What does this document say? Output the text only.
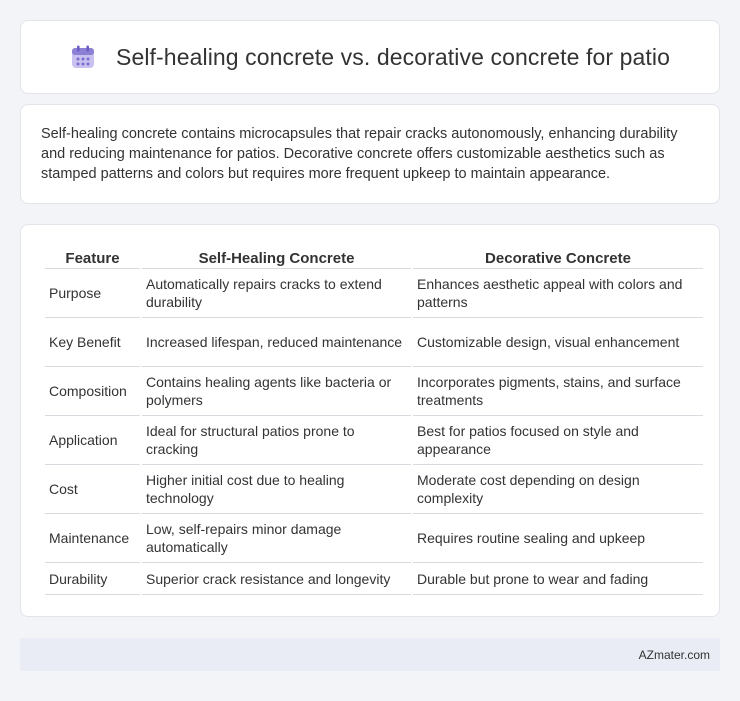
Self-healing concrete vs. decorative concrete for patio

Self-healing concrete contains microcapsules that repair cracks autonomously, enhancing durability and reducing maintenance for patios. Decorative concrete offers customizable aesthetics such as stamped patterns and colors but requires more frequent upkeep to maintain appearance.

Feature	Self-Healing Concrete	Decorative Concrete
Purpose	Automatically repairs cracks to extend durability	Enhances aesthetic appeal with colors and patterns
Key Benefit	Increased lifespan, reduced maintenance	Customizable design, visual enhancement
Composition	Contains healing agents like bacteria or polymers	Incorporates pigments, stains, and surface treatments
Application	Ideal for structural patios prone to cracking	Best for patios focused on style and appearance
Cost	Higher initial cost due to healing technology	Moderate cost depending on design complexity
Maintenance	Low, self-repairs minor damage automatically	Requires routine sealing and upkeep
Durability	Superior crack resistance and longevity	Durable but prone to wear and fading
AZmater.com
